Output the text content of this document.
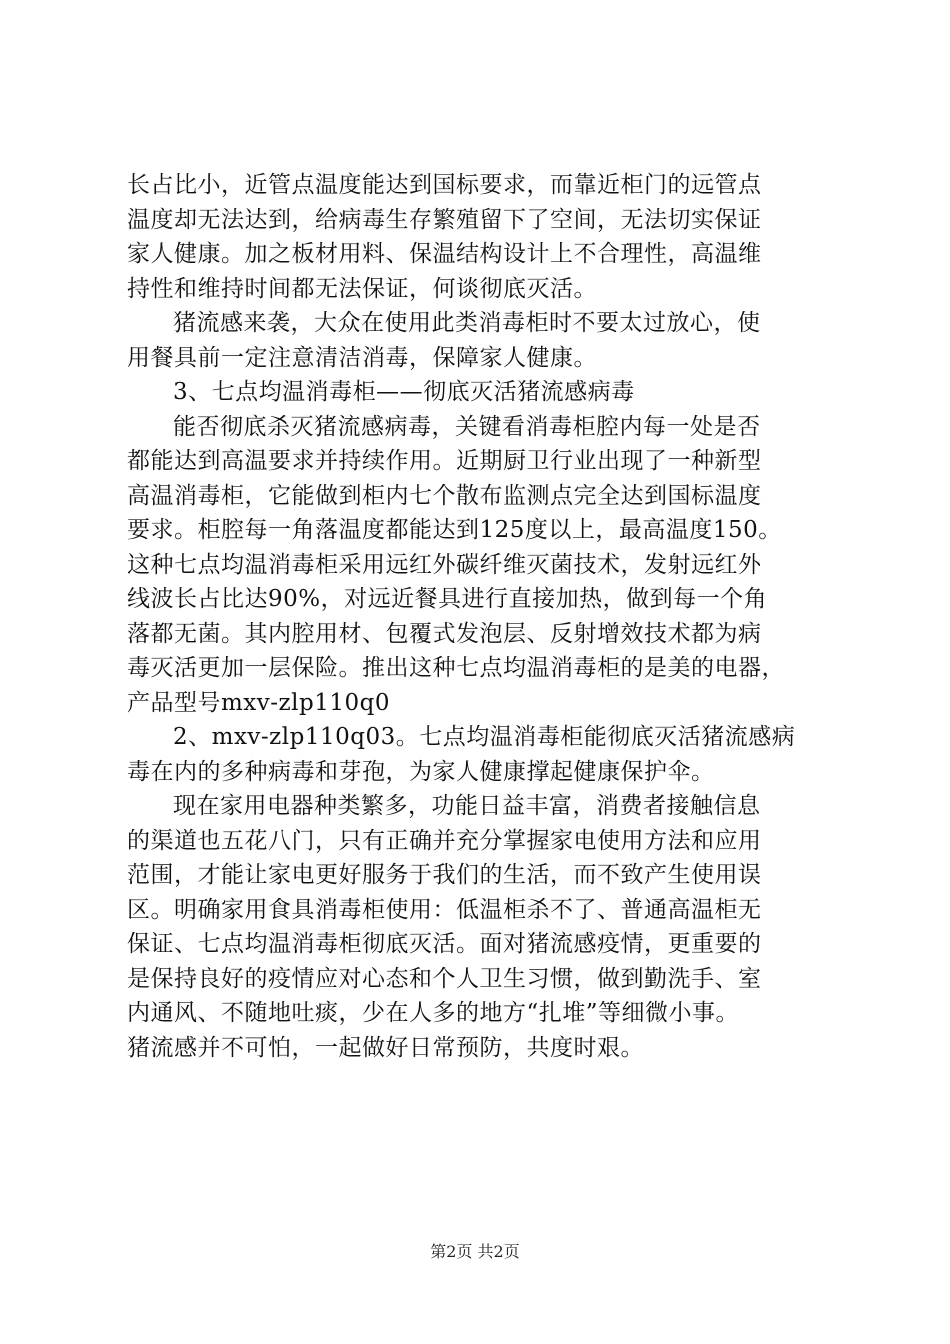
长占比小，近管点温度能达到国标要求，而靠近柜门的远管点
温度却无法达到，给病毒生存繁殖留下了空间，无法切实保证
家人健康。加之板材用料、保温结构设计上不合理性，高温维
持性和维持时间都无法保证，何谈彻底灭活。
猪流感来袭，大众在使用此类消毒柜时不要太过放心，使
用餐具前一定注意清洁消毒，保障家人健康。
3、七点均温消毒柜——彻底灭活猪流感病毒
能否彻底杀灭猪流感病毒，关键看消毒柜腔内每一处是否
都能达到高温要求并持续作用。近期厨卫行业出现了一种新型
高温消毒柜，它能做到柜内七个散布监测点完全达到国标温度
要求。柜腔每一角落温度都能达到125度以上，最高温度150。
这种七点均温消毒柜采用远红外碳纤维灭菌技术，发射远红外
线波长占比达90%，对远近餐具进行直接加热，做到每一个角
落都无菌。其内腔用材、包覆式发泡层、反射增效技术都为病
毒灭活更加一层保险。推出这种七点均温消毒柜的是美的电器，
产品型号mxv-zlp110q0
2、mxv-zlp110q03。七点均温消毒柜能彻底灭活猪流感病
毒在内的多种病毒和芽孢，为家人健康撑起健康保护伞。
现在家用电器种类繁多，功能日益丰富，消费者接触信息
的渠道也五花八门，只有正确并充分掌握家电使用方法和应用
范围，才能让家电更好服务于我们的生活，而不致产生使用误
区。明确家用食具消毒柜使用：低温柜杀不了、普通高温柜无
保证、七点均温消毒柜彻底灭活。面对猪流感疫情，更重要的
是保持良好的疫情应对心态和个人卫生习惯，做到勤洗手、室
内通风、不随地吐痰，少在人多的地方“扎堆”等细微小事。
猪流感并不可怕，一起做好日常预防，共度时艰。
第2页 共2页
